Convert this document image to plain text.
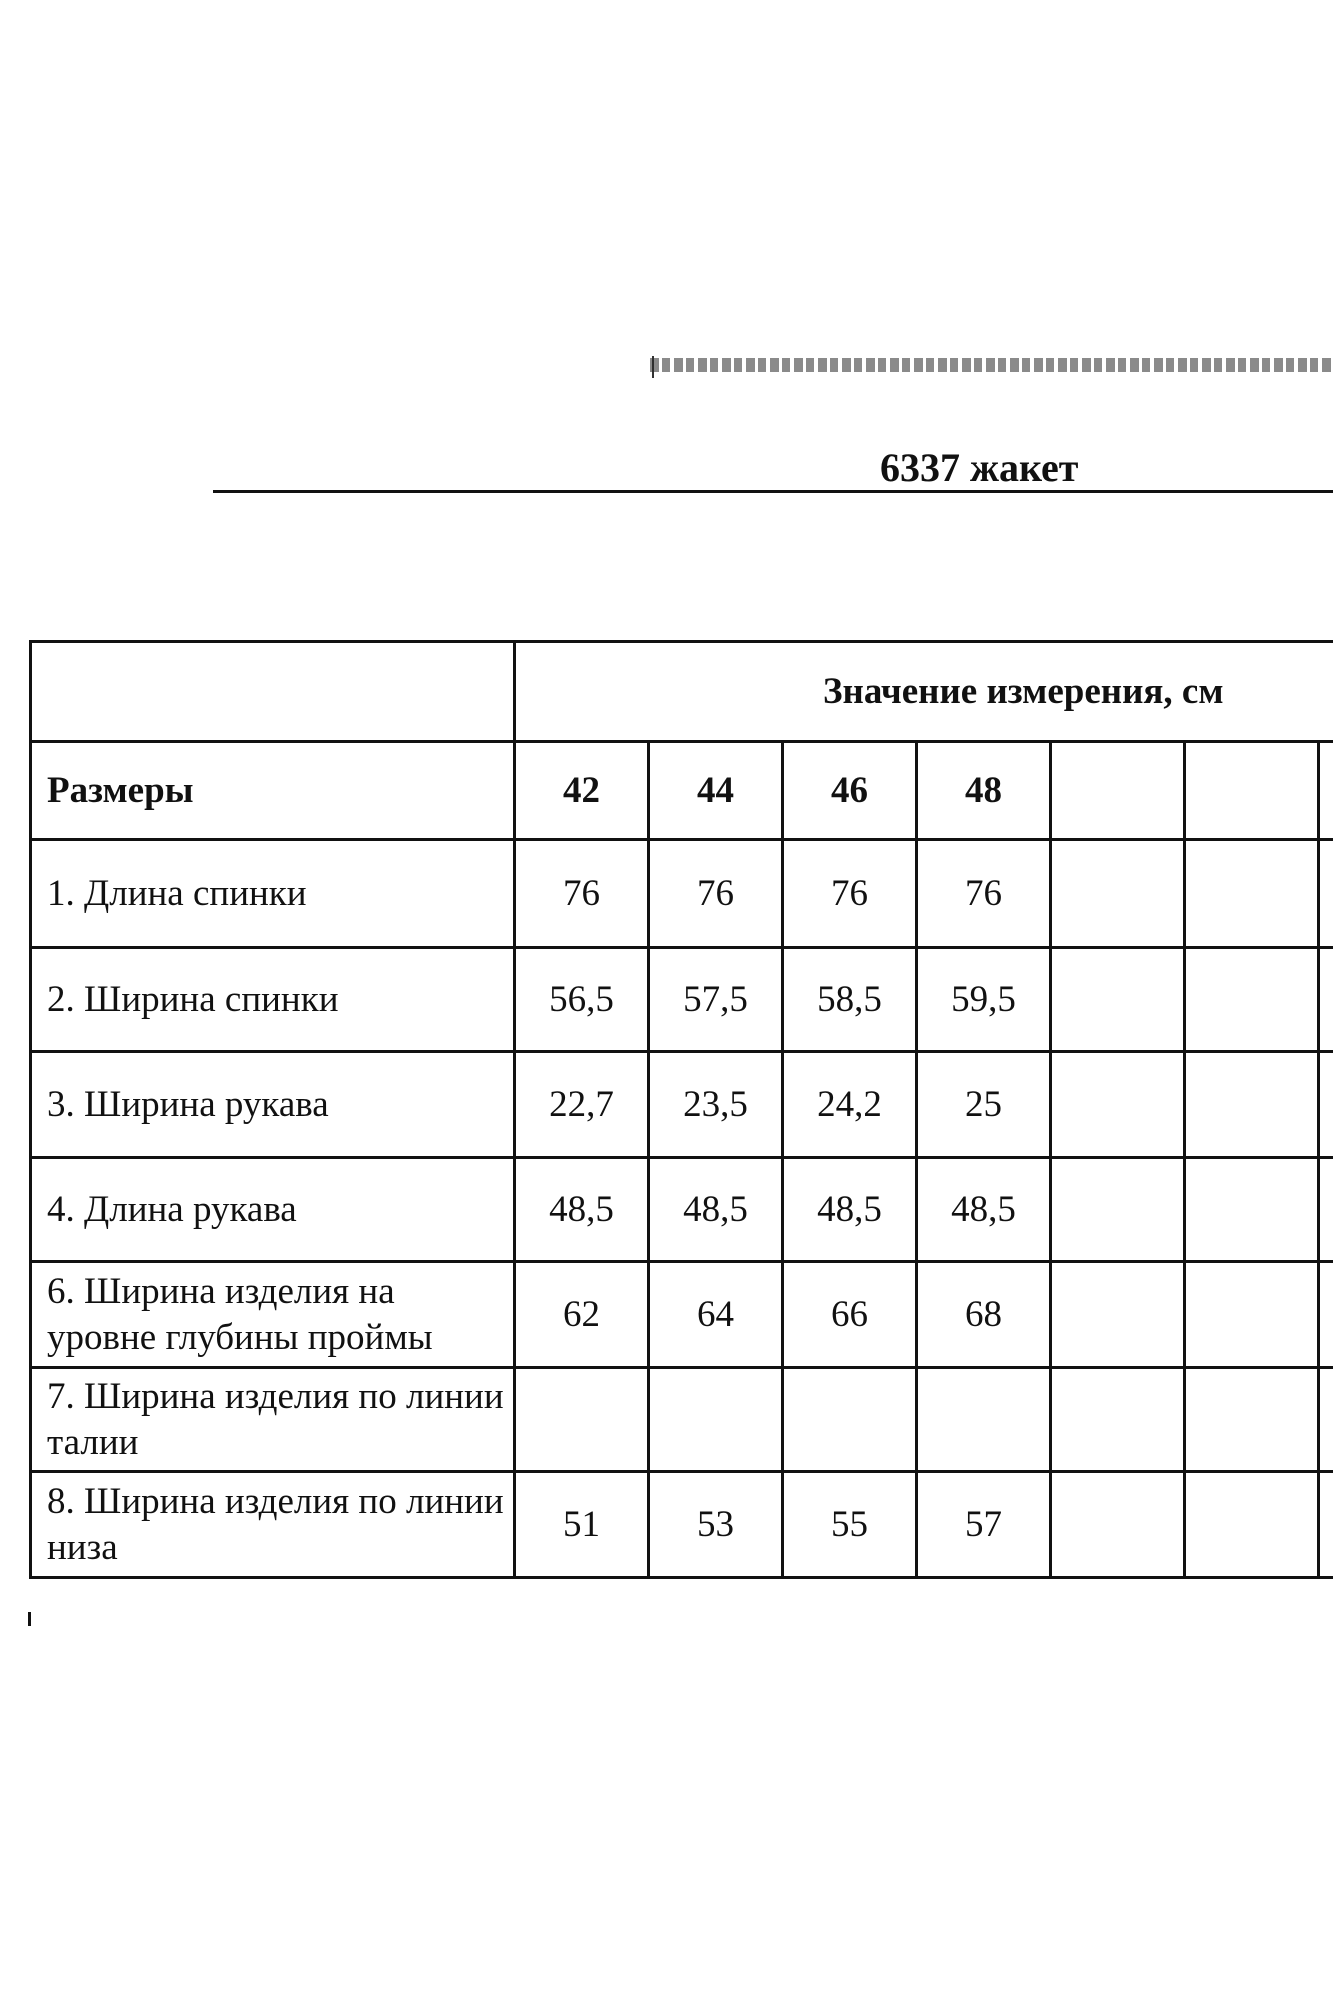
6337 жакет
	Значение измерения, см						
Размеры	42	44	46	48			
1. Длина спинки	76	76	76	76			
2. Ширина спинки	56,5	57,5	58,5	59,5			
3. Ширина рукава	22,7	23,5	24,2	25			
4. Длина рукава	48,5	48,5	48,5	48,5			
6. Ширина изделия на уровне глубины проймы	62	64	66	68			
7. Ширина изделия по линии талии							
8. Ширина изделия по линии низа	51	53	55	57			
